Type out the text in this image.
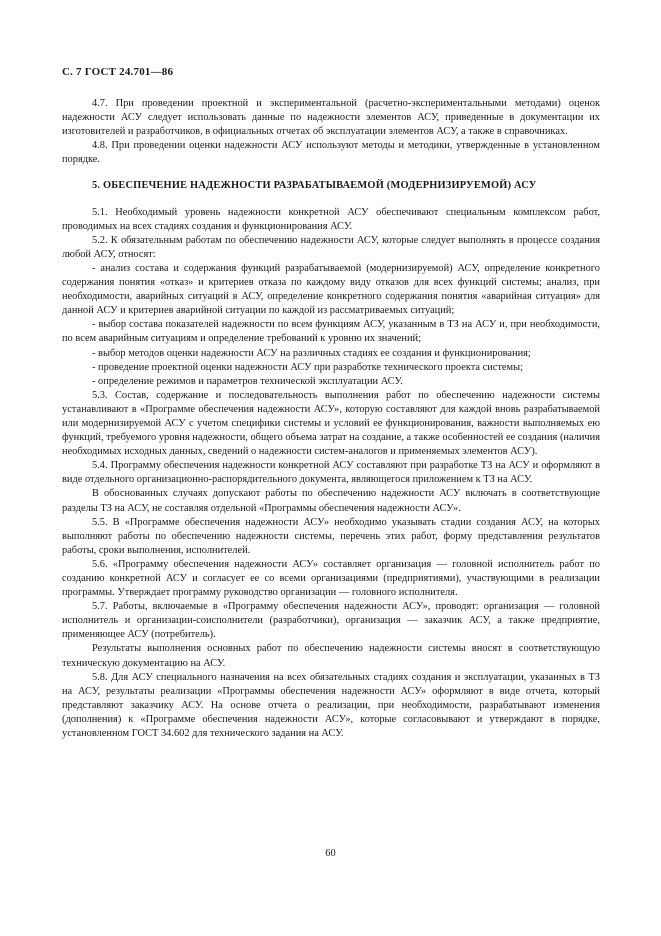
С. 7 ГОСТ 24.701—86

4.7. При проведении проектной и экспериментальной (расчетно-экспериментальными методами) оценок надежности АСУ следует использовать данные по надежности элементов АСУ, приведенные в документации их изготовителей и разработчиков, в официальных отчетах об эксплуатации элементов АСУ, а также в справочниках.

4.8. При проведении оценки надежности АСУ используют методы и методики, утвержденные в установленном порядке.

5. ОБЕСПЕЧЕНИЕ НАДЕЖНОСТИ РАЗРАБАТЫВАЕМОЙ (МОДЕРНИЗИРУЕМОЙ) АСУ

5.1. Необходимый уровень надежности конкретной АСУ обеспечивают специальным комплексом работ, проводимых на всех стадиях создания и функционирования АСУ.

5.2. К обязательным работам по обеспечению надежности АСУ, которые следует выполнять в процессе создания любой АСУ, относят:

- анализ состава и содержания функций разрабатываемой (модернизируемой) АСУ, определение конкретного содержания понятия «отказ» и критериев отказа по каждому виду отказов для всех функций системы; анализ, при необходимости, аварийных ситуаций в АСУ, определение конкретного содержания понятия «аварийная ситуация» для данной АСУ и критериев аварийной ситуации по каждой из рассматриваемых ситуаций;

- выбор состава показателей надежности по всем функциям АСУ, указанным в ТЗ на АСУ и, при необходимости, по всем аварийным ситуациям и определение требований к уровню их значений;

- выбор методов оценки надежности АСУ на различных стадиях ее создания и функционирования;

- проведение проектной оценки надежности АСУ при разработке технического проекта системы;

- определение режимов и параметров технической эксплуатации АСУ.

5.3. Состав, содержание и последовательность выполнения работ по обеспечению надежности системы устанавливают в «Программе обеспечения надежности АСУ», которую составляют для каждой вновь разрабатываемой или модернизируемой АСУ с учетом специфики системы и условий ее функционирования, важности выполняемых ею функций, требуемого уровня надежности, общего объема затрат на создание, а также особенностей ее создания (наличия необходимых исходных данных, сведений о надежности систем-аналогов и применяемых элементов АСУ).

5.4. Программу обеспечения надежности конкретной АСУ составляют при разработке ТЗ на АСУ и оформляют в виде отдельного организационно-распорядительного документа, являющегося приложением к ТЗ на АСУ.

В обоснованных случаях допускают работы по обеспечению надежности АСУ включать в соответствующие разделы ТЗ на АСУ, не составляя отдельной «Программы обеспечения надежности АСУ».

5.5. В «Программе обеспечения надежности АСУ» необходимо указывать стадии создания АСУ, на которых выполняют работы по обеспечению надежности системы, перечень этих работ, форму представления результатов работы, сроки выполнения, исполнителей.

5.6. «Программу обеспечения надежности АСУ» составляет организация — головной исполнитель работ по созданию конкретной АСУ и согласует ее со всеми организациями (предприятиями), участвующими в реализации программы. Утверждает программу руководство организации — головного исполнителя.

5.7. Работы, включаемые в «Программу обеспечения надежности АСУ», проводят: организация — головной исполнитель и организации-соисполнители (разработчики), организация — заказчик АСУ, а также предприятие, применяющее АСУ (потребитель).

Результаты выполнения основных работ по обеспечению надежности системы вносят в соответствующую техническую документацию на АСУ.

5.8. Для АСУ специального назначения на всех обязательных стадиях создания и эксплуатации, указанных в ТЗ на АСУ, результаты реализации «Программы обеспечения надежности АСУ» оформляют в виде отчета, который представляют заказчику АСУ. На основе отчета о реализации, при необходимости, разрабатывают изменения (дополнения) к «Программе обеспечения надежности АСУ», которые согласовывают и утверждают в порядке, установленном ГОСТ 34.602 для технического задания на АСУ.

60
